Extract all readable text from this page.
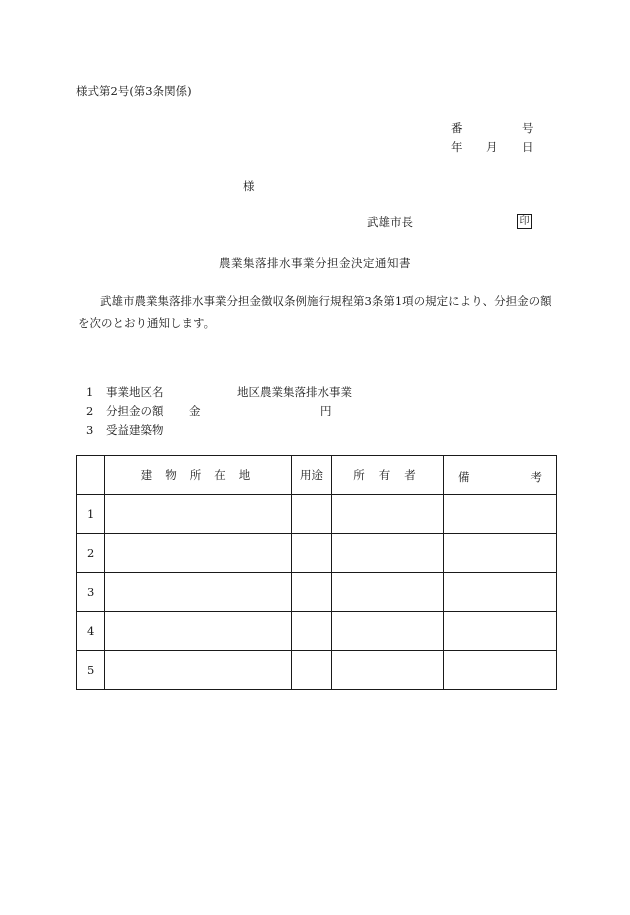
様式第2号(第3条関係)
番	号
年 月 日
様
武雄市長	印
農業集落排水事業分担金決定通知書
武雄市農業集落排水事業分担金徴収条例施行規程第3条第1項の規定により、分担金の額を次のとおり通知します。
1 事業地区名	地区農業集落排水事業
2 分担金の額 金	円
3 受益建築物
	建物所在地	用途	所有者	備 考

1				
2				
3				
4				
5				
